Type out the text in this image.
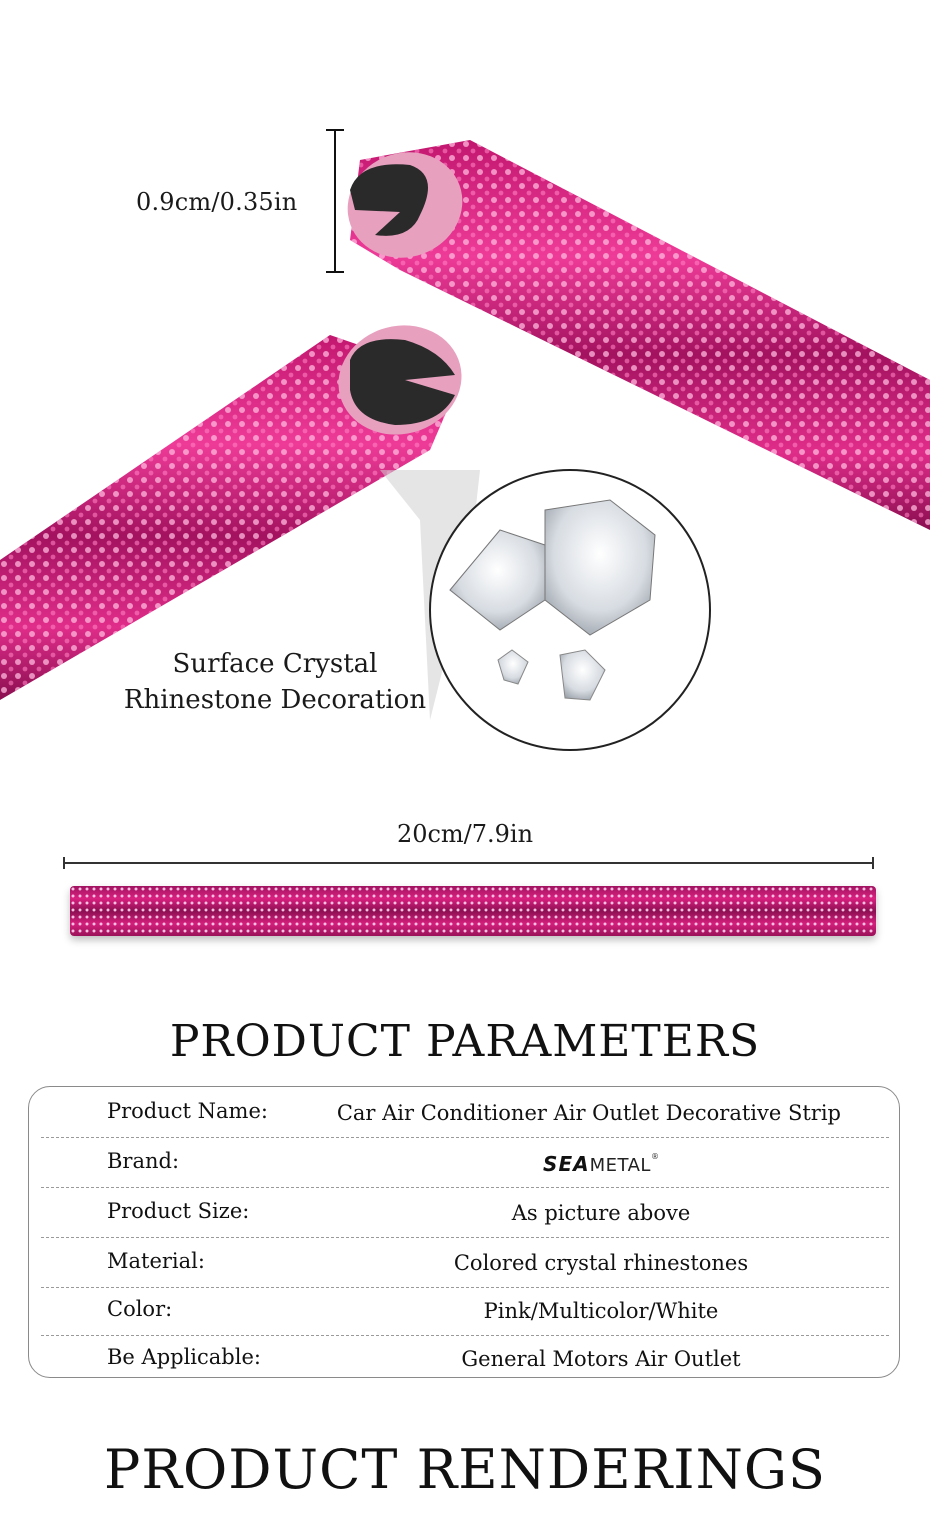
0.9cm/0.35in
Surface Crystal
Rhinestone Decoration
20cm/7.9in
PRODUCT PARAMETERS
Product Name:	Car Air Conditioner Air Outlet Decorative Strip
Brand:	SEAMETAL®
Product Size:	As picture above
Material:	Colored crystal rhinestones
Color:	Pink/Multicolor/White
Be Applicable:	General Motors Air Outlet
PRODUCT RENDERINGS
